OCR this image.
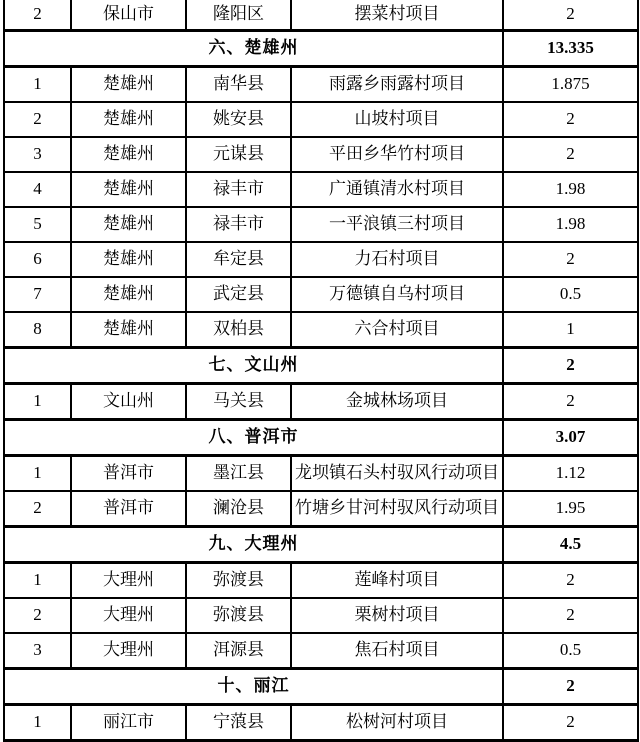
2	保山市	隆阳区	摆菜村项目	2
六、楚雄州				13.335
1	楚雄州	南华县	雨露乡雨露村项目	1.875
2	楚雄州	姚安县	山坡村项目	2
3	楚雄州	元谋县	平田乡华竹村项目	2
4	楚雄州	禄丰市	广通镇清水村项目	1.98
5	楚雄州	禄丰市	一平浪镇三村项目	1.98
6	楚雄州	牟定县	力石村项目	2
7	楚雄州	武定县	万德镇自乌村项目	0.5
8	楚雄州	双柏县	六合村项目	1
七、文山州				2
1	文山州	马关县	金城林场项目	2
八、普洱市				3.07
1	普洱市	墨江县	龙坝镇石头村驭风行动项目	1.12
2	普洱市	澜沧县	竹塘乡甘河村驭风行动项目	1.95
九、大理州				4.5
1	大理州	弥渡县	莲峰村项目	2
2	大理州	弥渡县	栗树村项目	2
3	大理州	洱源县	焦石村项目	0.5
十、丽江				2
1	丽江市	宁蒗县	松树河村项目	2
